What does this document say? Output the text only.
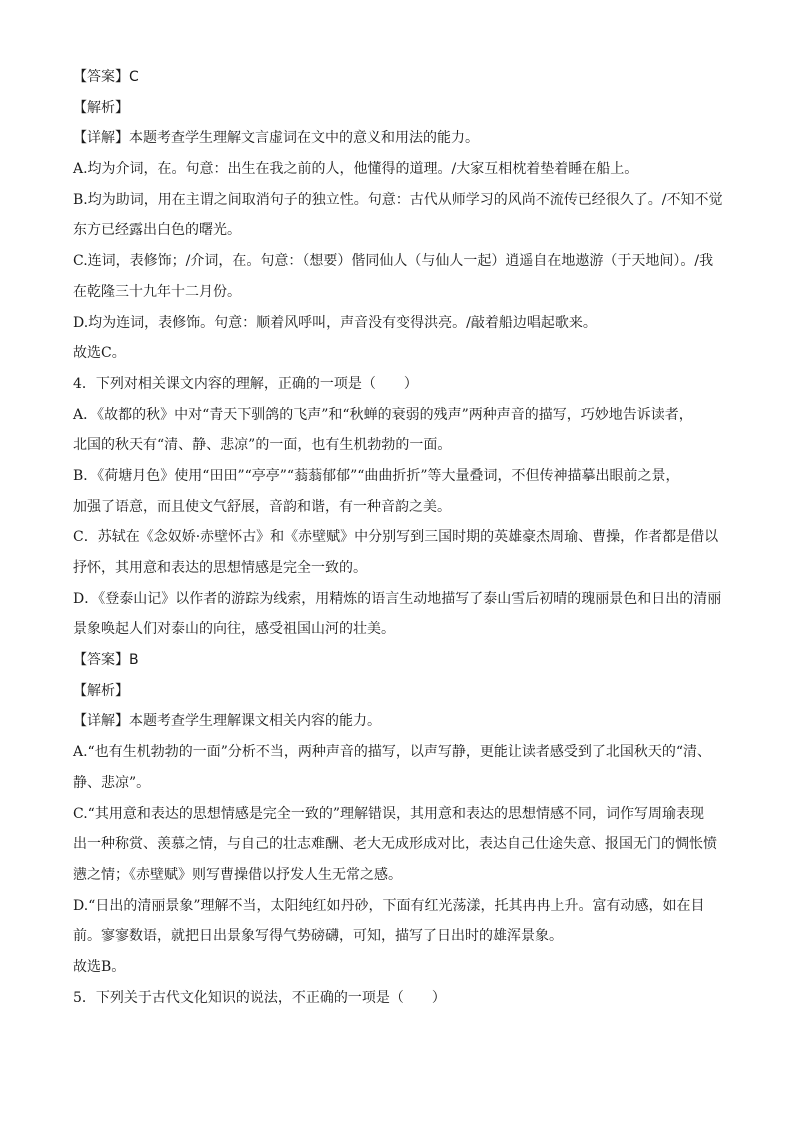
【答案】C
【解析】
【详解】本题考查学生理解文言虚词在文中的意义和用法的能力。
A.均为介词，在。句意：出生在我之前的人，他懂得的道理。/大家互相枕着垫着睡在船上。
B.均为助词，用在主谓之间取消句子的独立性。句意：古代从师学习的风尚不流传已经很久了。/不知不觉
东方已经露出白色的曙光。
C.连词，表修饰；/介词，在。句意：（想要）偕同仙人（与仙人一起）逍遥自在地遨游（于天地间）。/我
在乾隆三十九年十二月份。
D.均为连词，表修饰。句意：顺着风呼叫，声音没有变得洪亮。/敲着船边唱起歌来。
故选C。
4．下列对相关课文内容的理解，正确的一项是（　　）
A．《故都的秋》中对“青天下驯鸽的飞声”和“秋蝉的衰弱的残声”两种声音的描写，巧妙地告诉读者，
北国的秋天有“清、静、悲凉”的一面，也有生机勃勃的一面。
B．《荷塘月色》使用“田田”“亭亭”“蓊蓊郁郁”“曲曲折折”等大量叠词，不但传神描摹出眼前之景，
加强了语意，而且使文气舒展，音韵和谐，有一种音韵之美。
C．苏轼在《念奴娇·赤壁怀古》和《赤壁赋》中分别写到三国时期的英雄豪杰周瑜、曹操，作者都是借以
抒怀，其用意和表达的思想情感是完全一致的。
D．《登泰山记》以作者的游踪为线索，用精炼的语言生动地描写了泰山雪后初晴的瑰丽景色和日出的清丽
景象唤起人们对泰山的向往，感受祖国山河的壮美。
【答案】B
【解析】
【详解】本题考查学生理解课文相关内容的能力。
A.“也有生机勃勃的一面”分析不当，两种声音的描写，以声写静，更能让读者感受到了北国秋天的“清、
静、悲凉”。
C.“其用意和表达的思想情感是完全一致的”理解错误，其用意和表达的思想情感不同，词作写周瑜表现
出一种称赏、羡慕之情，与自己的壮志难酬、老大无成形成对比，表达自己仕途失意、报国无门的惆怅愤
懑之情；《赤壁赋》则写曹操借以抒发人生无常之感。
D.“日出的清丽景象”理解不当，太阳纯红如丹砂，下面有红光荡漾，托其冉冉上升。富有动感，如在目
前。寥寥数语，就把日出景象写得气势磅礴，可知，描写了日出时的雄浑景象。
故选B。
5．下列关于古代文化知识的说法，不正确的一项是（　　）
